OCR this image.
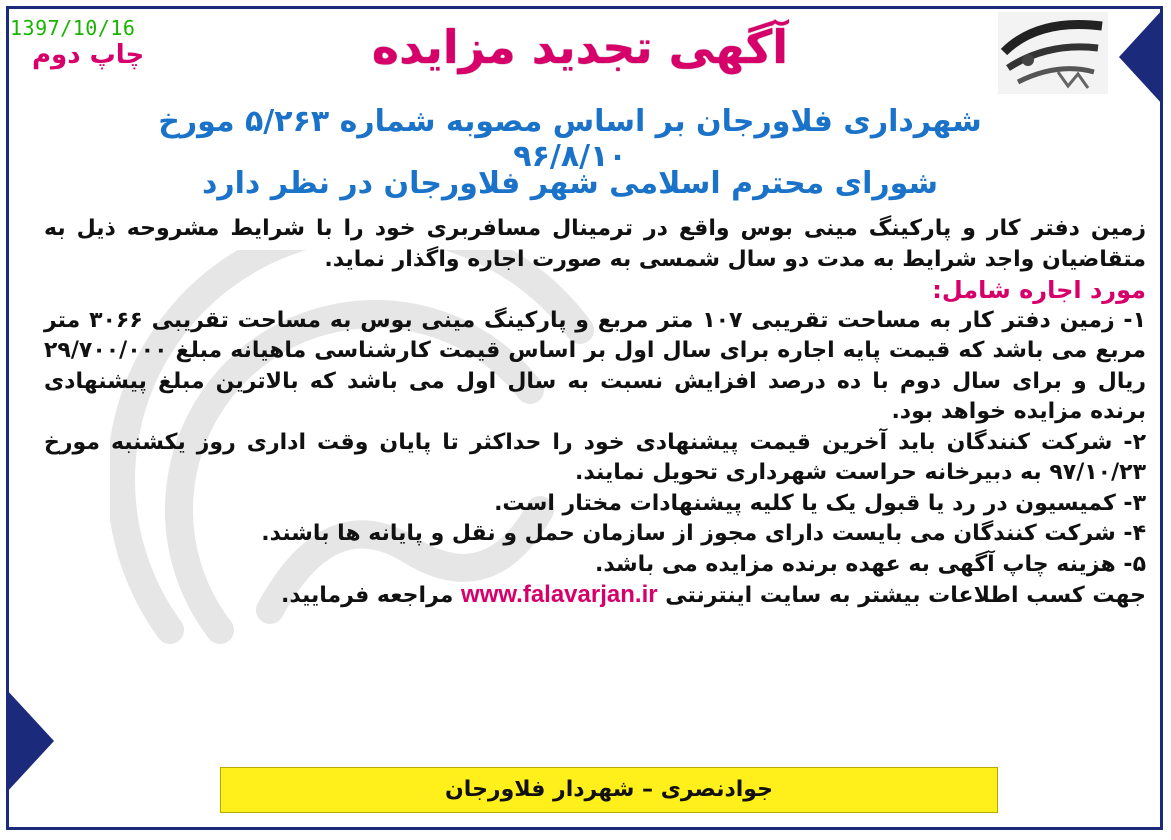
1397/10/16
چاپ دوم	آگهی تجدید مزایده
شهرداری فلاورجان بر اساس مصوبه شماره ۵/۲۶۳ مورخ ۹۶/۸/۱۰
شورای محترم اسلامی شهر فلاورجان در نظر دارد

زمین دفتر کار و پارکینگ مینی بوس واقع در ترمینال مسافربری خود را با شرایط مشروحه ذیل به متقاضیان واجد شرایط به مدت دو سال شمسی به صورت اجاره واگذار نماید.

مورد اجاره شامل:

۱- زمین دفتر کار به مساحت تقریبی ۱۰۷ متر مربع و پارکینگ مینی بوس به مساحت تقریبی ۳۰۶۶ متر مربع می باشد که قیمت پایه اجاره برای سال اول بر اساس قیمت کارشناسی ماهیانه مبلغ ۲۹/۷۰۰/۰۰۰ ریال و برای سال دوم با ده درصد افزایش نسبت به سال اول می باشد که بالاترین مبلغ پیشنهادی برنده مزایده خواهد بود.

۲- شرکت کنندگان باید آخرین قیمت پیشنهادی خود را حداکثر تا پایان وقت اداری روز یکشنبه مورخ ۹۷/۱۰/۲۳ به دبیرخانه حراست شهرداری تحویل نمایند.

۳- کمیسیون در رد یا قبول یک یا کلیه پیشنهادات مختار است.

۴- شرکت کنندگان می بایست دارای مجوز از سازمان حمل و نقل و پایانه ها باشند.

۵- هزینه چاپ آگهی به عهده برنده مزایده می باشد.

جهت کسب اطلاعات بیشتر به سایت اینترنتی www.falavarjan.ir مراجعه فرمایید.

جوادنصری – شهردار فلاورجان
